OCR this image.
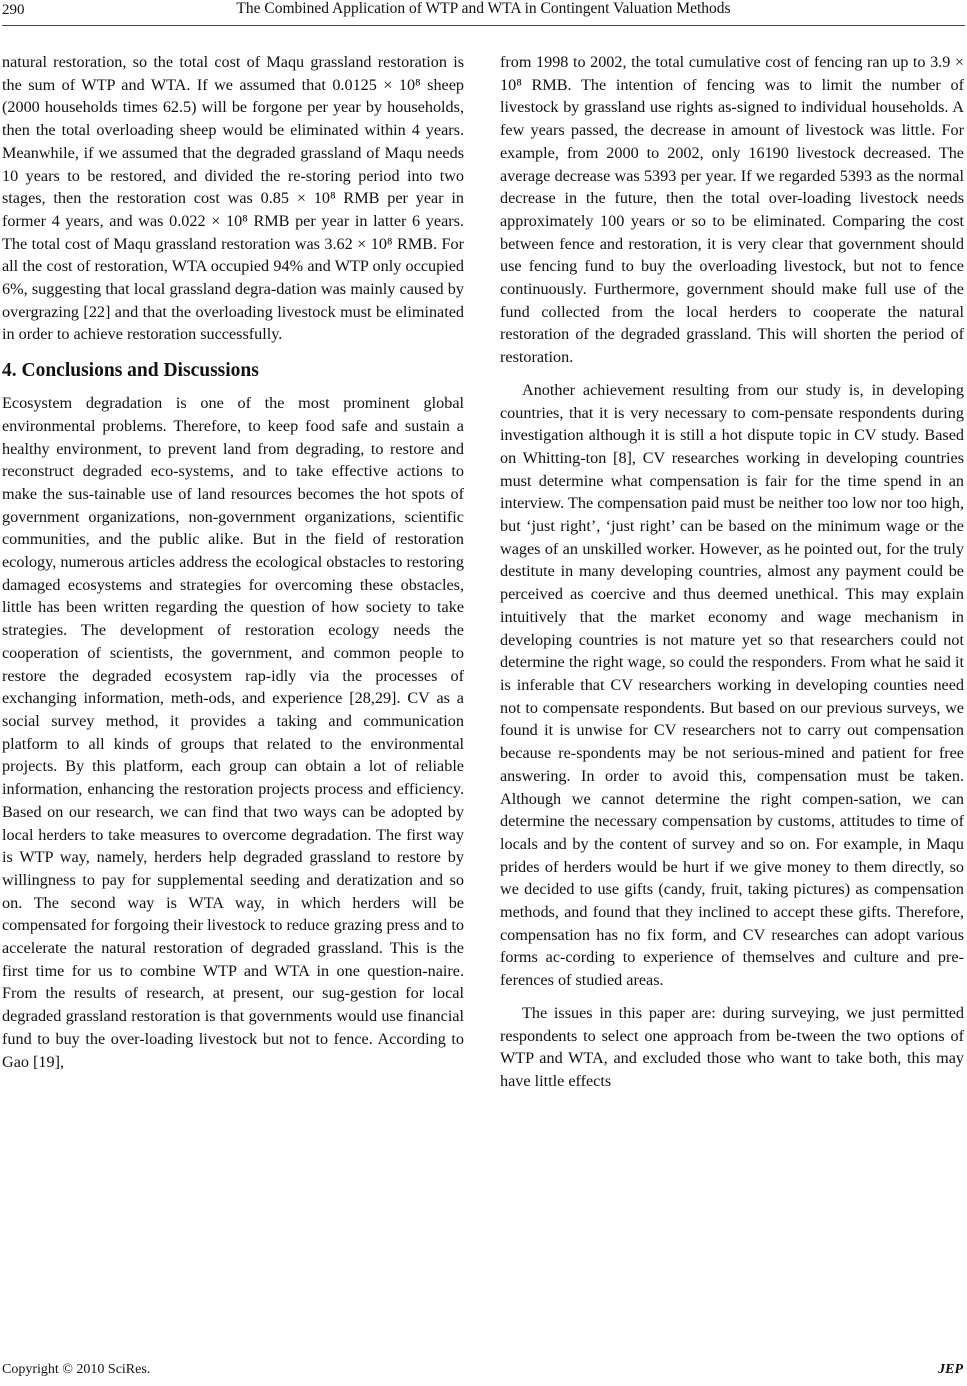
290	The Combined Application of WTP and WTA in Contingent Valuation Methods

natural restoration, so the total cost of Maqu grassland restoration is the sum of WTP and WTA. If we assumed that 0.0125 × 10⁸ sheep (2000 households times 62.5) will be forgone per year by households, then the total overloading sheep would be eliminated within 4 years. Meanwhile, if we assumed that the degraded grassland of Maqu needs 10 years to be restored, and divided the re-storing period into two stages, then the restoration cost was 0.85 × 10⁸ RMB per year in former 4 years, and was 0.022 × 10⁸ RMB per year in latter 6 years. The total cost of Maqu grassland restoration was 3.62 × 10⁸ RMB. For all the cost of restoration, WTA occupied 94% and WTP only occupied 6%, suggesting that local grassland degra-dation was mainly caused by overgrazing [22] and that the overloading livestock must be eliminated in order to achieve restoration successfully.

4. Conclusions and Discussions

Ecosystem degradation is one of the most prominent global environmental problems. Therefore, to keep food safe and sustain a healthy environment, to prevent land from degrading, to restore and reconstruct degraded eco-systems, and to take effective actions to make the sus-tainable use of land resources becomes the hot spots of government organizations, non-government organizations, scientific communities, and the public alike. But in the field of restoration ecology, numerous articles address the ecological obstacles to restoring damaged ecosystems and strategies for overcoming these obstacles, little has been written regarding the question of how society to take strategies. The development of restoration ecology needs the cooperation of scientists, the government, and common people to restore the degraded ecosystem rap-idly via the processes of exchanging information, meth-ods, and experience [28,29]. CV as a social survey method, it provides a taking and communication platform to all kinds of groups that related to the environmental projects. By this platform, each group can obtain a lot of reliable information, enhancing the restoration projects process and efficiency. Based on our research, we can find that two ways can be adopted by local herders to take measures to overcome degradation. The first way is WTP way, namely, herders help degraded grassland to restore by willingness to pay for supplemental seeding and deratization and so on. The second way is WTA way, in which herders will be compensated for forgoing their livestock to reduce grazing press and to accelerate the natural restoration of degraded grassland. This is the first time for us to combine WTP and WTA in one question-naire. From the results of research, at present, our sug-gestion for local degraded grassland restoration is that governments would use financial fund to buy the over-loading livestock but not to fence. According to Gao [19],

from 1998 to 2002, the total cumulative cost of fencing ran up to 3.9 × 10⁸ RMB. The intention of fencing was to limit the number of livestock by grassland use rights as-signed to individual households. A few years passed, the decrease in amount of livestock was little. For example, from 2000 to 2002, only 16190 livestock decreased. The average decrease was 5393 per year. If we regarded 5393 as the normal decrease in the future, then the total over-loading livestock needs approximately 100 years or so to be eliminated. Comparing the cost between fence and restoration, it is very clear that government should use fencing fund to buy the overloading livestock, but not to fence continuously. Furthermore, government should make full use of the fund collected from the local herders to cooperate the natural restoration of the degraded grassland. This will shorten the period of restoration.

Another achievement resulting from our study is, in developing countries, that it is very necessary to com-pensate respondents during investigation although it is still a hot dispute topic in CV study. Based on Whitting-ton [8], CV researches working in developing countries must determine what compensation is fair for the time spend in an interview. The compensation paid must be neither too low nor too high, but ‘just right’, ‘just right’ can be based on the minimum wage or the wages of an unskilled worker. However, as he pointed out, for the truly destitute in many developing countries, almost any payment could be perceived as coercive and thus deemed unethical. This may explain intuitively that the market economy and wage mechanism in developing countries is not mature yet so that researchers could not determine the right wage, so could the responders. From what he said it is inferable that CV researchers working in developing counties need not to compensate respondents. But based on our previous surveys, we found it is unwise for CV researchers not to carry out compensation because re-spondents may be not serious-mined and patient for free answering. In order to avoid this, compensation must be taken. Although we cannot determine the right compen-sation, we can determine the necessary compensation by customs, attitudes to time of locals and by the content of survey and so on. For example, in Maqu prides of herders would be hurt if we give money to them directly, so we decided to use gifts (candy, fruit, taking pictures) as compensation methods, and found that they inclined to accept these gifts. Therefore, compensation has no fix form, and CV researches can adopt various forms ac-cording to experience of themselves and culture and pre-ferences of studied areas.

The issues in this paper are: during surveying, we just permitted respondents to select one approach from be-tween the two options of WTP and WTA, and excluded those who want to take both, this may have little effects

Copyright © 2010 SciRes.	JEP
